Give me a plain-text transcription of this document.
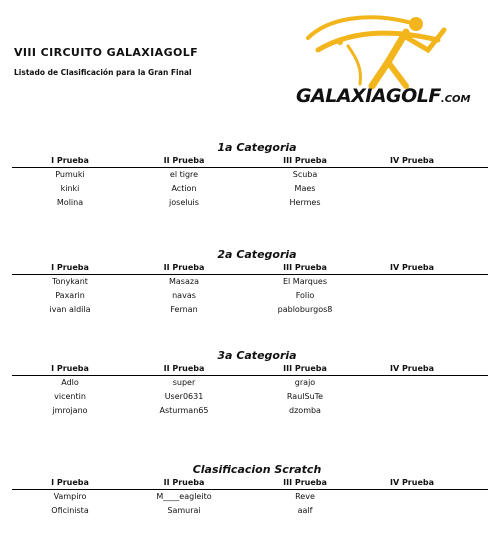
VIII CIRCUITO GALAXIAGOLF
Listado de Clasificación para la Gran Final
GALAXIAGOLF.COM
1a Categoria
I Prueba	II Prueba	III Prueba	IV Prueba
Pumuki	el tigre	Scuba
kinki	Action	Maes
Molina	joseluis	Hermes
2a Categoria
I Prueba	II Prueba	III Prueba	IV Prueba
Tonykant	Masaza	El Marques
Paxarin	navas	Folio
ivan aldila	Fernan	pabloburgos8
3a Categoria
I Prueba	II Prueba	III Prueba	IV Prueba
Adlo	super	grajo
vicentin	User0631	RaulSuTe
jmrojano	Asturman65	dzomba
Clasificacion Scratch
I Prueba	II Prueba	III Prueba	IV Prueba
Vampiro	M____eagleito	Reve
Oficinista	Samurai	aalf
